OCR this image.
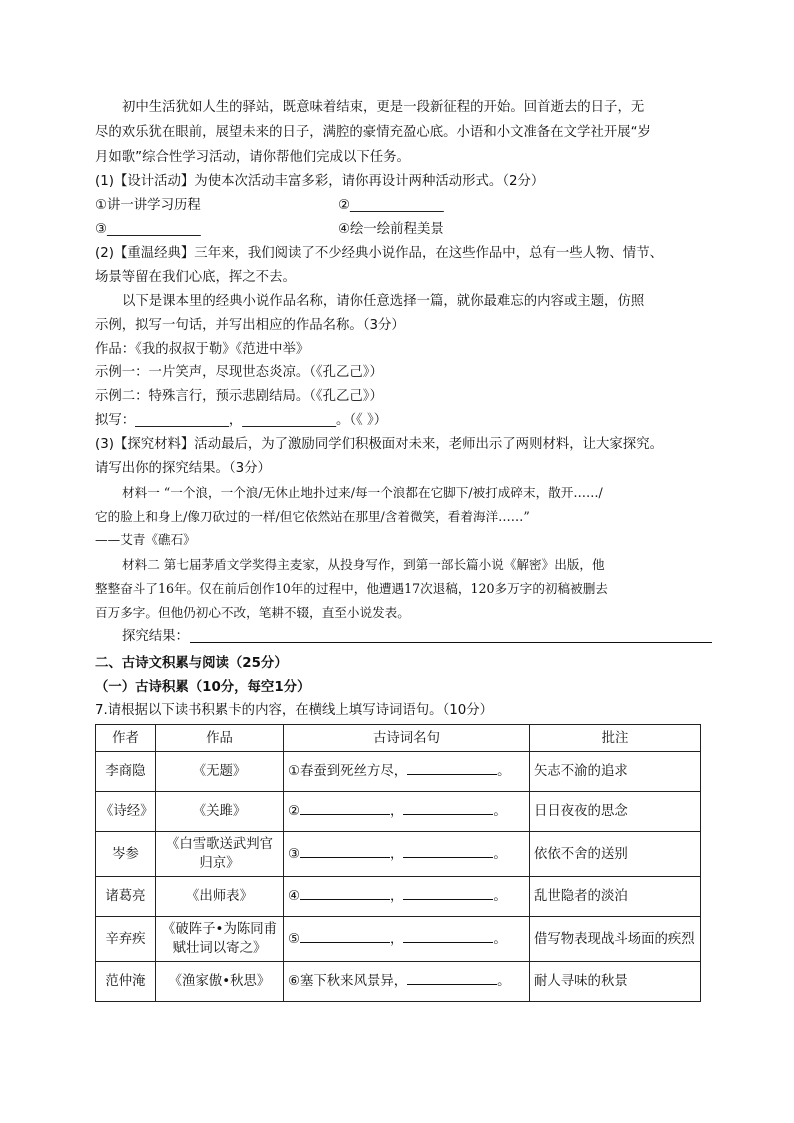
初中生活犹如人生的驿站，既意味着结束，更是一段新征程的开始。回首逝去的日子，无
尽的欢乐犹在眼前，展望未来的日子，满腔的豪情充盈心底。小语和小文准备在文学社开展“岁
月如歌”综合性学习活动，请你帮他们完成以下任务。
(1)【设计活动】为使本次活动丰富多彩，请你再设计两种活动形式。（2分）
①讲一讲学习历程	②______________
③______________	④绘一绘前程美景
(2)【重温经典】三年来，我们阅读了不少经典小说作品，在这些作品中，总有一些人物、情节、
场景等留在我们心底，挥之不去。
以下是课本里的经典小说作品名称，请你任意选择一篇，就你最难忘的内容或主题，仿照
示例，拟写一句话，并写出相应的作品名称。（3分）
作品：《我的叔叔于勒》《范进中举》
示例一：一片笑声，尽现世态炎凉。（《孔乙己》）
示例二：特殊言行，预示悲剧结局。（《孔乙己》）
拟写：______________，______________。（《 》）
(3)【探究材料】活动最后，为了激励同学们积极面对未来，老师出示了两则材料，让大家探究。
请写出你的探究结果。（3分）
材料一 “一个浪，一个浪/无休止地扑过来/每一个浪都在它脚下/被打成碎末，散开……/
它的脸上和身上/像刀砍过的一样/但它依然站在那里/含着微笑，看着海洋……”
——艾青《礁石》
材料二 第七届茅盾文学奖得主麦家，从投身写作，到第一部长篇小说《解密》出版，他
整整奋斗了16年。仅在前后创作10年的过程中，他遭遇17次退稿，120多万字的初稿被删去
百万多字。但他仍初心不改，笔耕不辍，直至小说发表。
探究结果：
二、古诗文积累与阅读（25分）
（一）古诗积累（10分，每空1分）
7.请根据以下读书积累卡的内容，在横线上填写诗词语句。（10分）
作者	作品	古诗词名句	批注
李商隐	《无题》	①春蚕到死丝方尽， 。	矢志不渝的追求
《诗经》	《关雎》	② ， 。	日日夜夜的思念
岑参	《白雪歌送武判官归京》	③ ， 。	依依不舍的送别
诸葛亮	《出师表》	④ ， 。	乱世隐者的淡泊
辛弃疾	《破阵子•为陈同甫赋壮词以寄之》	⑤ ， 。	借写物表现战斗场面的疾烈
范仲淹	《渔家傲•秋思》	⑥塞下秋来风景异， 。	耐人寻味的秋景
